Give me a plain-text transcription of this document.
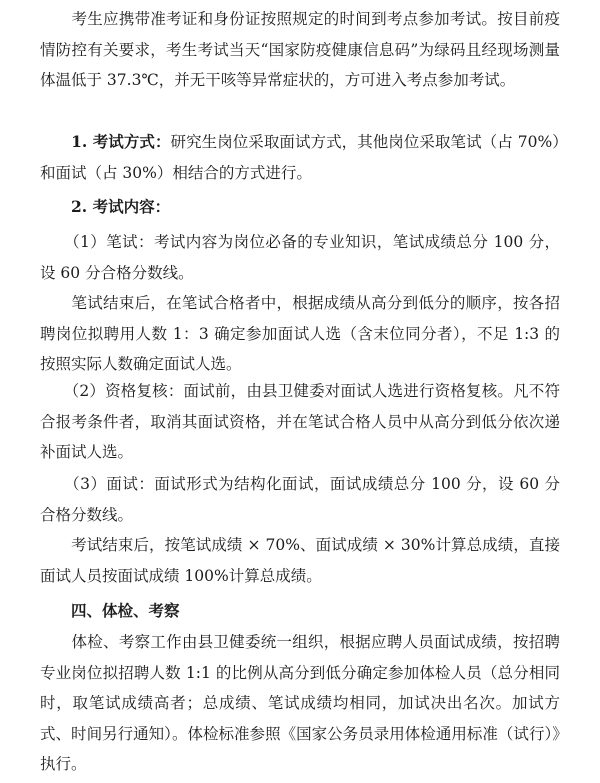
　　考生应携带准考证和身份证按照规定的时间到考点参加考试。按目前疫情防控有关要求，考生考试当天“国家防疫健康信息码”为绿码且经现场测量体温低于 37.3℃，并无干咳等异常症状的，方可进入考点参加考试。

　　1. 考试方式：研究生岗位采取面试方式，其他岗位采取笔试（占 70%）和面试（占 30%）相结合的方式进行。

　　2. 考试内容：

　　（1）笔试：考试内容为岗位必备的专业知识，笔试成绩总分 100 分，设 60 分合格分数线。

　　笔试结束后，在笔试合格者中，根据成绩从高分到低分的顺序，按各招聘岗位拟聘用人数 1：3 确定参加面试人选（含末位同分者），不足 1:3 的按照实际人数确定面试人选。

　　（2）资格复核：面试前，由县卫健委对面试人选进行资格复核。凡不符合报考条件者，取消其面试资格，并在笔试合格人员中从高分到低分依次递补面试人选。

　　（3）面试：面试形式为结构化面试，面试成绩总分 100 分，设 60 分合格分数线。

　　考试结束后，按笔试成绩 × 70%、面试成绩 × 30%计算总成绩，直接面试人员按面试成绩 100%计算总成绩。

　　四、体检、考察

　　体检、考察工作由县卫健委统一组织，根据应聘人员面试成绩，按招聘专业岗位拟招聘人数 1:1 的比例从高分到低分确定参加体检人员（总分相同时，取笔试成绩高者；总成绩、笔试成绩均相同，加试决出名次。加试方式、时间另行通知）。体检标准参照《国家公务员录用体检通用标准（试行）》执行。
